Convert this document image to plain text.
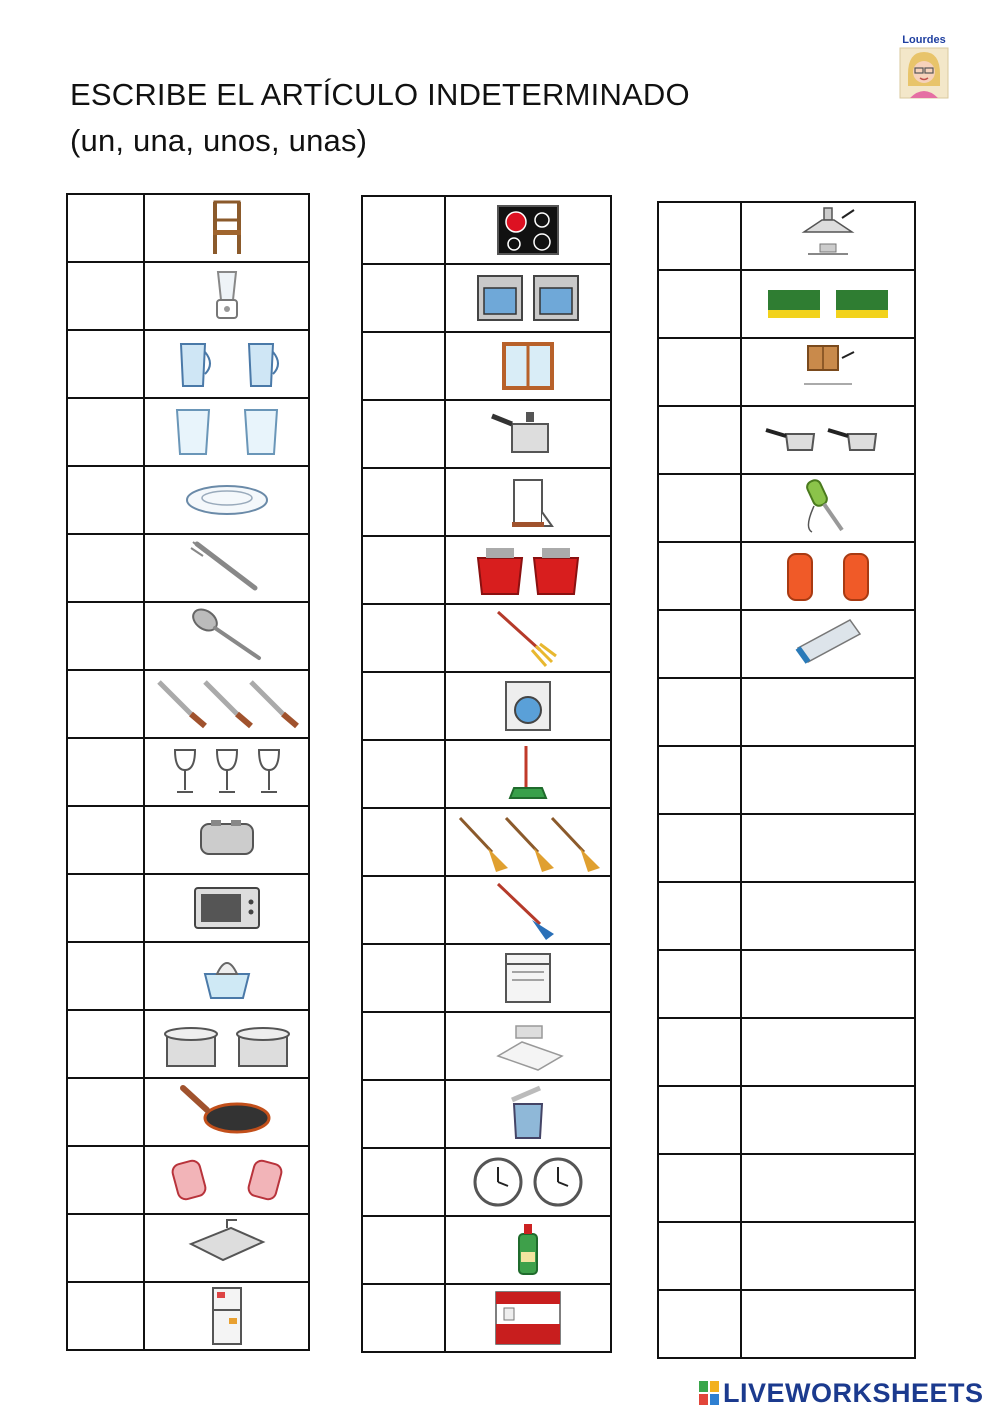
ESCRIBE EL ARTÍCULO INDETERMINADO
(un, una, unos, unas)
Lourdes

LIVEWORKSHEETS
